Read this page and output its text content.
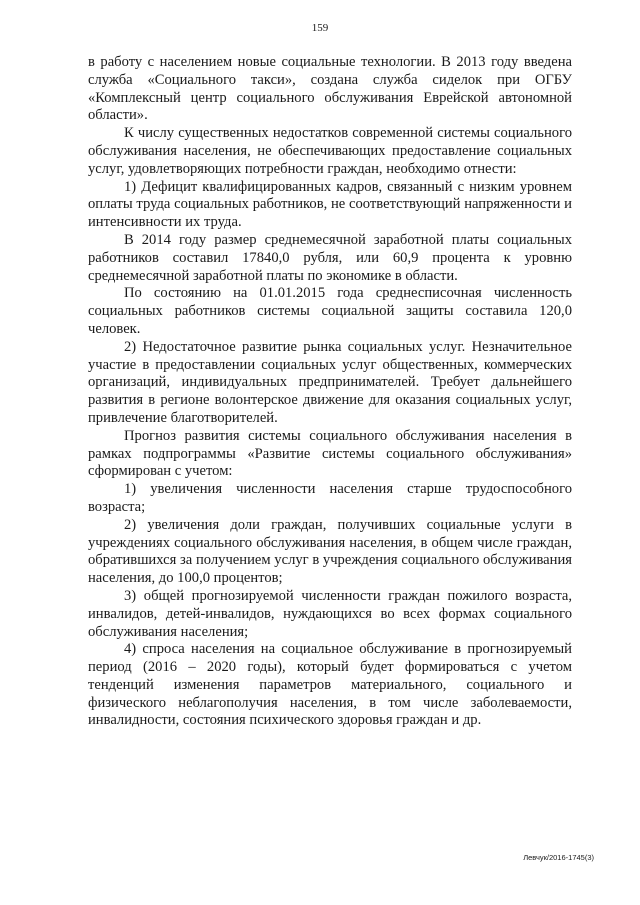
159

в работу с населением новые социальные технологии. В 2013 году введена служба «Социального такси», создана служба сиделок при ОГБУ «Комплексный центр социального обслуживания Еврейской автономной области».

К числу существенных недостатков современной системы социального обслуживания населения, не обеспечивающих предоставление социальных услуг, удовлетворяющих потребности граждан, необходимо отнести:

1) Дефицит квалифицированных кадров, связанный с низким уровнем оплаты труда социальных работников, не соответствующий напряженности и интенсивности их труда.

В 2014 году размер среднемесячной заработной платы социальных работников составил 17840,0 рубля, или 60,9 процента к уровню среднемесячной заработной платы по экономике в области.

По состоянию на 01.01.2015 года среднесписочная численность социальных работников системы социальной защиты составила 120,0 человек.

2) Недостаточное развитие рынка социальных услуг. Незначительное участие в предоставлении социальных услуг общественных, коммерческих организаций, индивидуальных предпринимателей. Требует дальнейшего развития в регионе волонтерское движение для оказания социальных услуг, привлечение благотворителей.

Прогноз развития системы социального обслуживания населения в рамках подпрограммы «Развитие системы социального обслуживания» сформирован с учетом:

1) увеличения численности населения старше трудоспособного возраста;

2) увеличения доли граждан, получивших социальные услуги в учреждениях социального обслуживания населения, в общем числе граждан, обратившихся за получением услуг в учреждения социального обслуживания населения, до 100,0 процентов;

3) общей прогнозируемой численности граждан пожилого возраста, инвалидов, детей-инвалидов, нуждающихся во всех формах социального обслуживания населения;

4) спроса населения на социальное обслуживание в прогнозируемый период (2016 – 2020 годы), который будет формироваться с учетом тенденций изменения параметров материального, социального и физического неблагополучия населения, в том числе заболеваемости, инвалидности, состояния психического здоровья граждан и др.

Левчук/2016-1745(3)
